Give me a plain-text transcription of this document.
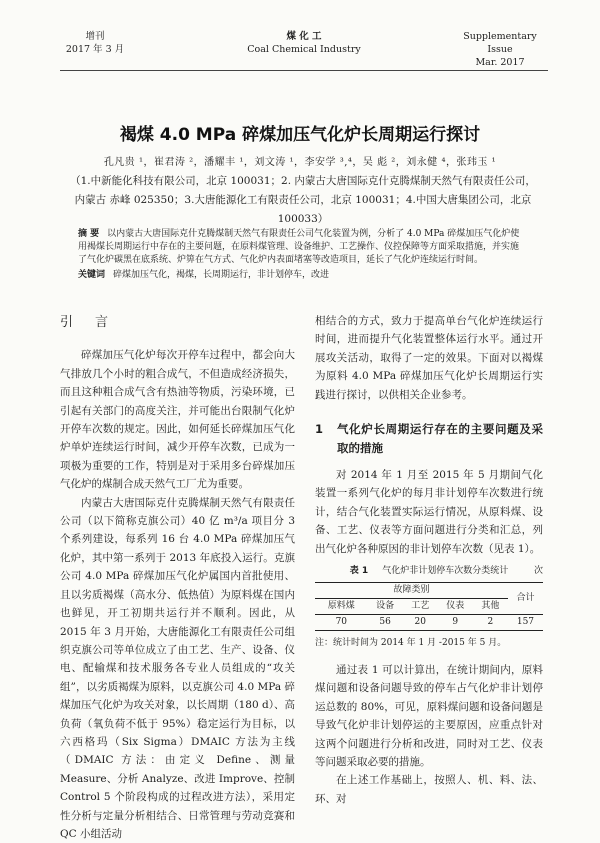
增刊
2017 年 3 月
煤 化 工
Coal Chemical Industry
Supplementary Issue
Mar. 2017
褐煤 4.0 MPa 碎煤加压气化炉长周期运行探讨
孔凡贵 ¹，崔君涛 ²，潘耀丰 ¹，刘文涛 ¹，李安学 ³,⁴，吴 彪 ²，刘永健 ⁴，张玮玉 ¹
（1.中新能化科技有限公司，北京 100031；2. 内蒙古大唐国际克什克腾煤制天然气有限责任公司，内蒙古 赤峰 025350；3.大唐能源化工有限责任公司，北京 100031；4.中国大唐集团公司，北京 100033）
摘 要 以内蒙古大唐国际克什克腾煤制天然气有限责任公司气化装置为例，分析了 4.0 MPa 碎煤加压气化炉使用褐煤长周期运行中存在的主要问题，在原料煤管理、设备维护、工艺操作、仪控保障等方面采取措施，并实施了气化炉碳黑在底系统、炉箅在气方式、气化炉内表面堵塞等改造项目，延长了气化炉连续运行时间。
关键词 碎煤加压气化，褐煤，长周期运行，非计划停车，改进
引言

碎煤加压气化炉每次开停车过程中，都会向大气排放几个小时的粗合成气，不但造成经济损失，而且这种粗合成气含有热油等物质，污染环境，已引起有关部门的高度关注，并可能出台限制气化炉开停车次数的规定。因此，如何延长碎煤加压气化炉单炉连续运行时间，减少开停车次数，已成为一项极为重要的工作，特别是对于采用多台碎煤加压气化炉的煤制合成天然气工厂尤为重要。

内蒙古大唐国际克什克腾煤制天然气有限责任公司（以下简称克旗公司）40 亿 m³/a 项目分 3 个系列建设，每系列 16 台 4.0 MPa 碎煤加压气化炉，其中第一系列于 2013 年底投入运行。克旗公司 4.0 MPa 碎煤加压气化炉属国内首批使用、且以劣质褐煤（高水分、低热值）为原料煤在国内也鲜见，开工初期共运行并不顺利。因此，从 2015 年 3 月开始，大唐能源化工有限责任公司组织克旗公司等单位成立了由工艺、生产、设备、仪电、配输煤和技术服务各专业人员组成的“攻关组”，以劣质褐煤为原料，以克旗公司 4.0 MPa 碎煤加压气化炉为攻关对象，以长周期（180 d）、高负荷（氧负荷不低于 95%）稳定运行为目标，以六西格玛（Six Sigma）DMAIC 方法为主线（DMAIC 方法：由定义 Define、测量 Measure、分析 Analyze、改进 Improve、控制 Control 5 个阶段构成的过程改进方法），采用定性分析与定量分析相结合、日常管理与劳动竞赛和 QC 小组活动

相结合的方式，致力于提高单台气化炉连续运行时间，进而提升气化装置整体运行水平。通过开展攻关活动，取得了一定的效果。下面对以褐煤为原料 4.0 MPa 碎煤加压气化炉长周期运行实践进行探讨，以供相关企业参考。

1	气化炉长周期运行存在的主要问题及采取的措施

对 2014 年 1 月至 2015 年 5 月期间气化装置一系列气化炉的每月非计划停车次数进行统计，结合气化装置实际运行情况，从原料煤、设备、工艺、仪表等方面问题进行分类和汇总，列出气化炉各种原因的非计划停车次数（见表 1）。

表 1 气化炉非计划停车次数分类统计	次
故障类别					合计
原料煤	设备	工艺	仪表	其他	
70	56	20	9	2	157
注：统计时间为 2014 年 1 月 -2015 年 5 月。

通过表 1 可以计算出，在统计期间内，原料煤问题和设备问题导致的停车占气化炉非计划停运总数的 80%，可见，原料煤问题和设备问题是导致气化炉非计划停运的主要原因，应重点针对这两个问题进行分析和改进，同时对工艺、仪表等问题采取必要的措施。

在上述工作基础上，按照人、机、料、法、环、对
